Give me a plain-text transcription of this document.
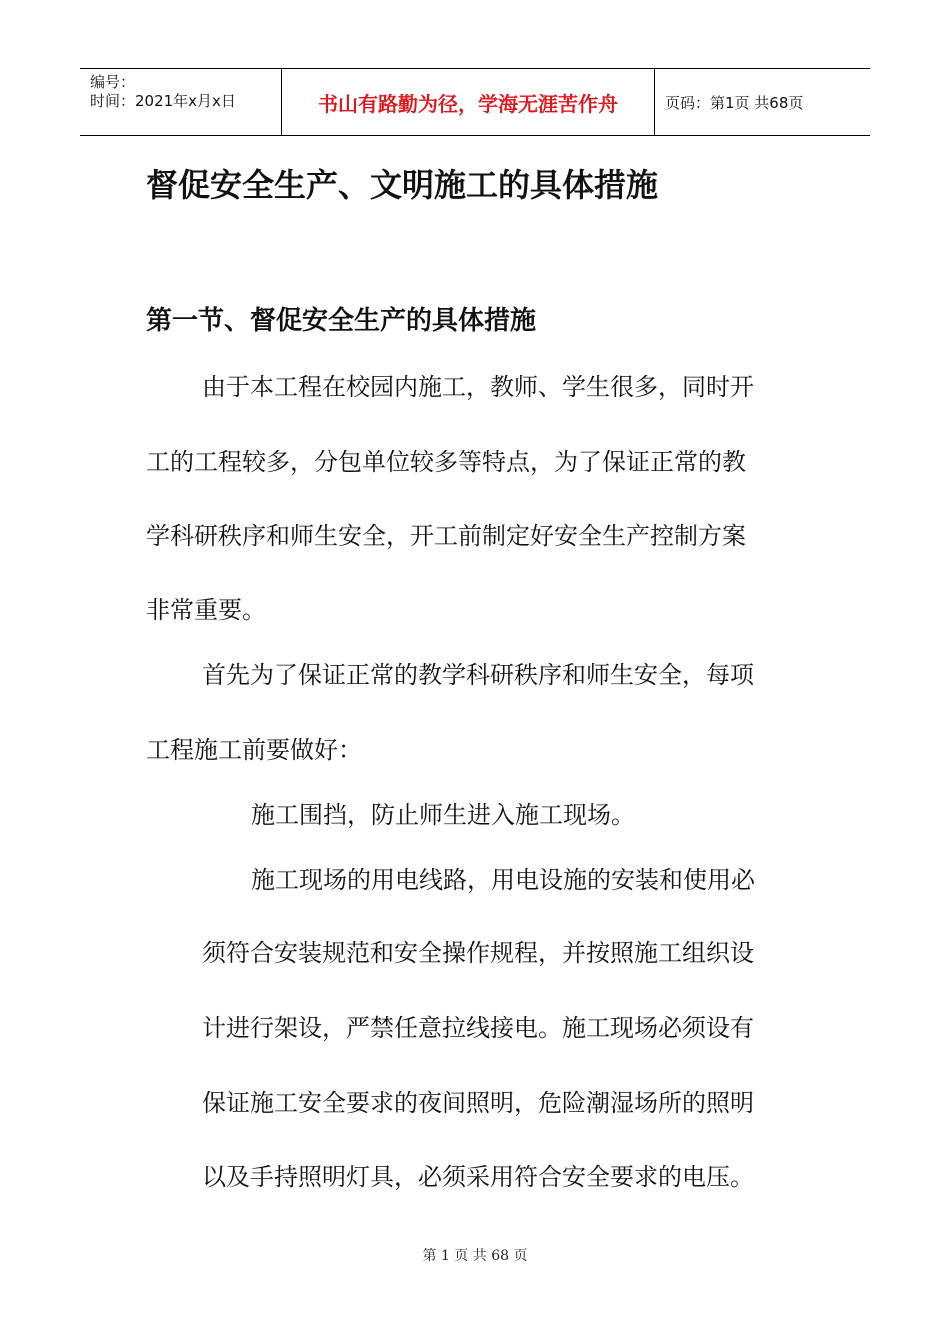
编号：
时间：2021年x月x日	书山有路勤为径，学海无涯苦作舟	页码：第1页 共68页
督促安全生产、文明施工的具体措施
第一节、督促安全生产的具体措施
由于本工程在校园内施工，教师、学生很多，同时开
工的工程较多，分包单位较多等特点，为了保证正常的教
学科研秩序和师生安全，开工前制定好安全生产控制方案
非常重要。
首先为了保证正常的教学科研秩序和师生安全，每项
工程施工前要做好：
施工围挡，防止师生进入施工现场。
施工现场的用电线路，用电设施的安装和使用必
须符合安装规范和安全操作规程，并按照施工组织设
计进行架设，严禁任意拉线接电。施工现场必须设有
保证施工安全要求的夜间照明，危险潮湿场所的照明
以及手持照明灯具，必须采用符合安全要求的电压。
第 1 页 共 68 页
